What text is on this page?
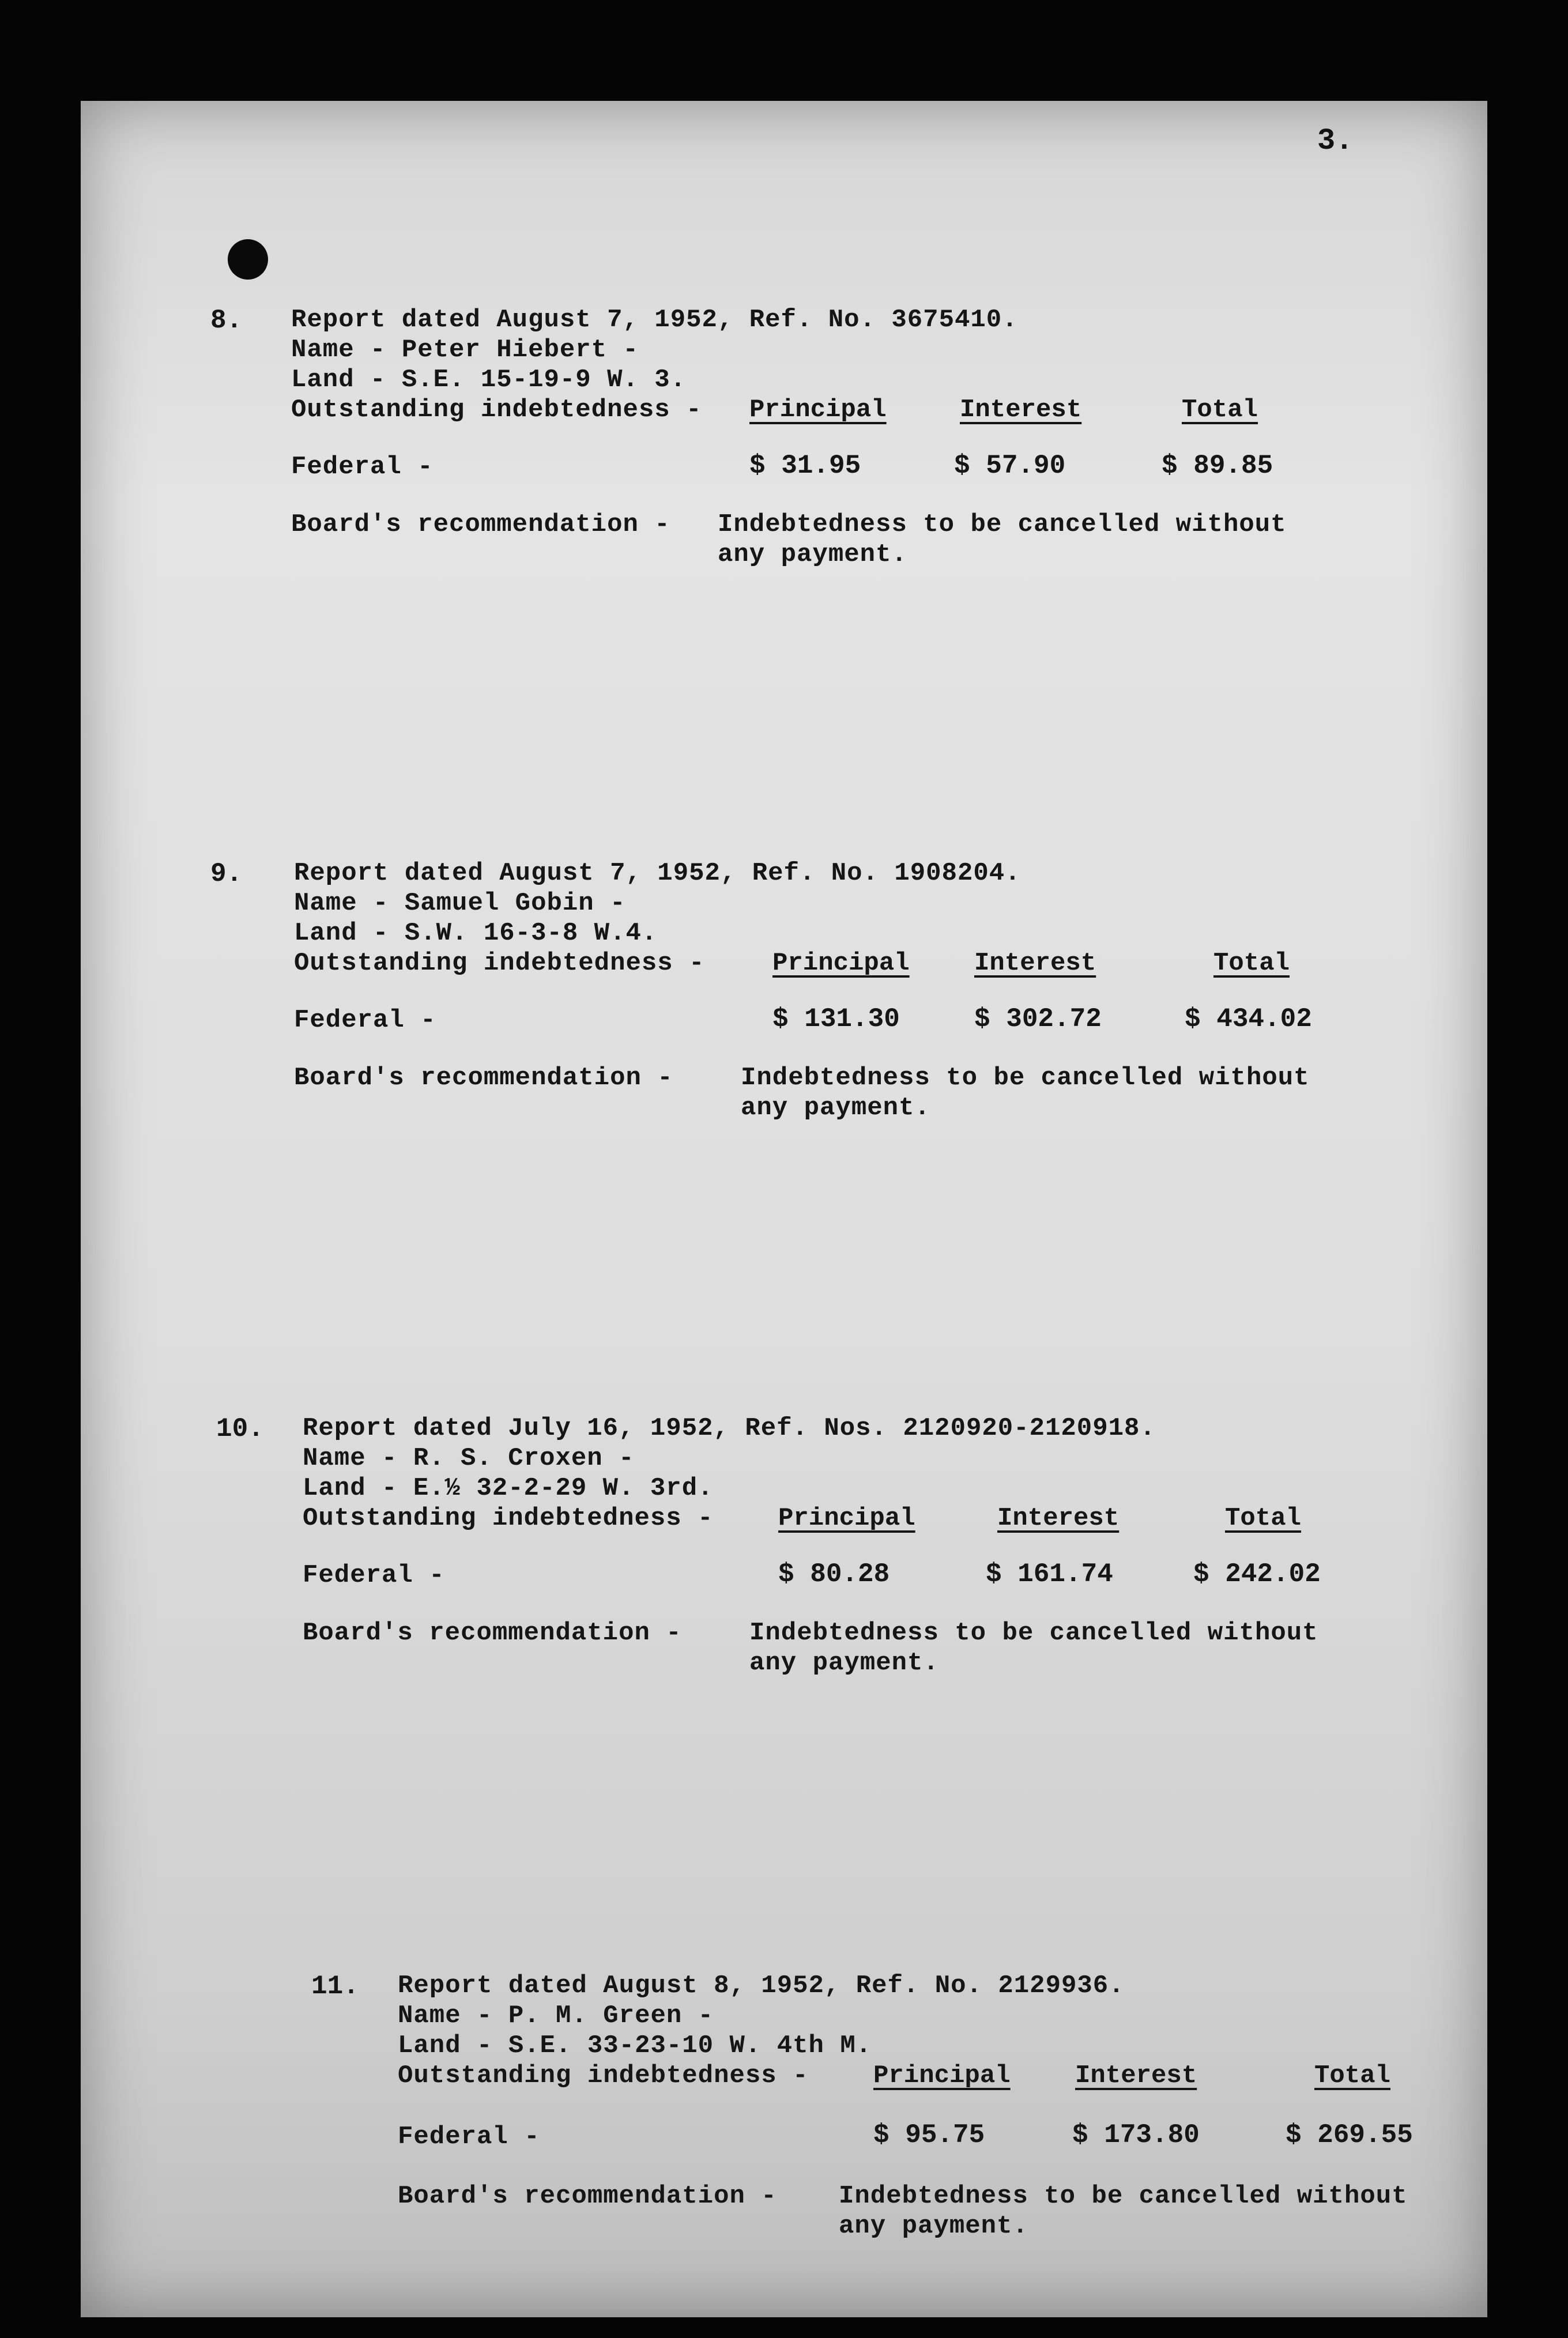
3.
8. Report dated August 7, 1952, Ref. No. 3675410.
Name - Peter Hiebert -
Land - S.E. 15-19-9 W. 3.
Outstanding indebtedness - Principal	Interest	Total
Federal -	$ 31.95	$ 57.90	$ 89.85
Board's recommendation - Indebtedness to be cancelled without
any payment.
9. Report dated August 7, 1952, Ref. No. 1908204.
Name - Samuel Gobin -
Land - S.W. 16-3-8 W.4.
Outstanding indebtedness -	Principal	Interest	Total
Federal -	$ 131.30	$ 302.72	$ 434.02
Board's recommendation -	Indebtedness to be cancelled without
any payment.
10. Report dated July 16, 1952, Ref. Nos. 2120920-2120918.
Name - R. S. Croxen -
Land - E.½ 32-2-29 W. 3rd.
Outstanding indebtedness -	Principal	Interest	Total
Federal -	$ 80.28	$ 161.74	$ 242.02
Board's recommendation -	Indebtedness to be cancelled without
any payment.
11. Report dated August 8, 1952, Ref. No. 2129936.
Name - P. M. Green -
Land - S.E. 33-23-10 W. 4th M.
Outstanding indebtedness -	Principal	Interest	Total
Federal -	$ 95.75	$ 173.80	$ 269.55
Board's recommendation - Indebtedness to be cancelled without
any payment.
